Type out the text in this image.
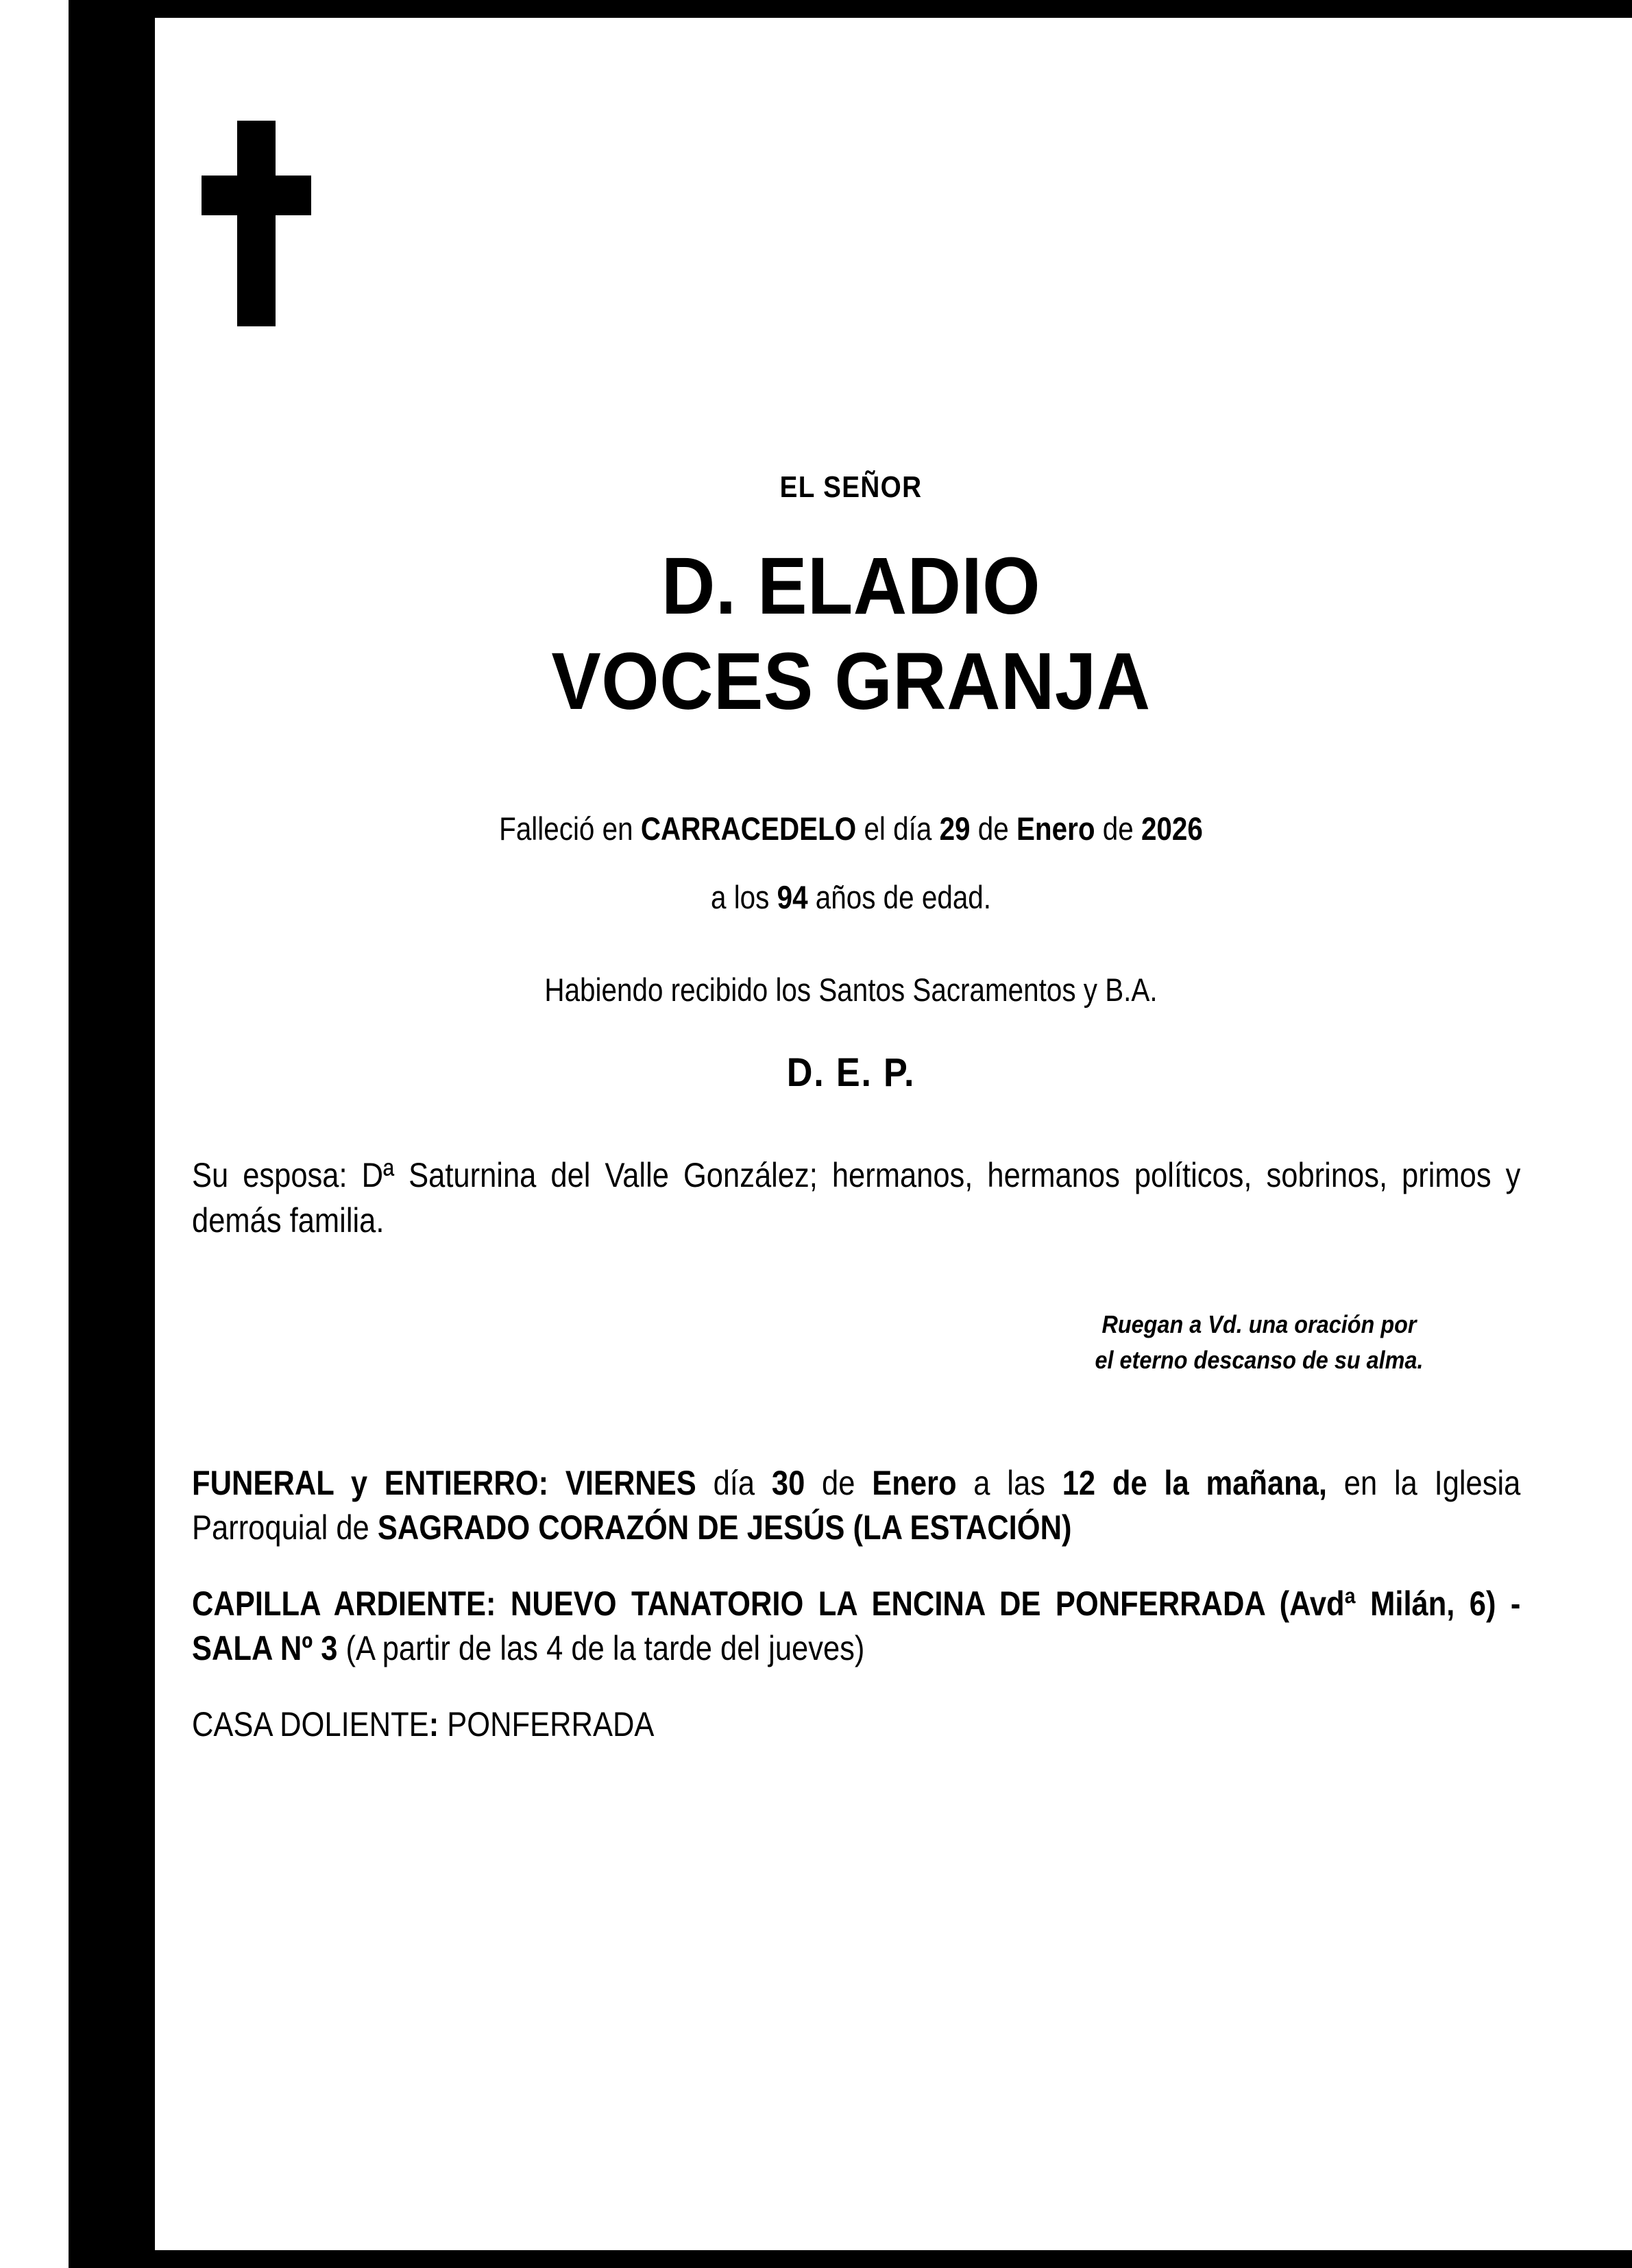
EL SEÑOR
D. ELADIO
VOCES GRANJA
Falleció en CARRACEDELO el día 29 de Enero de 2026
a los 94 años de edad.
Habiendo recibido los Santos Sacramentos y B.A.
D. E. P.
Su esposa: Dª Saturnina del Valle González; hermanos, hermanos políticos, sobrinos, primos y demás familia.
Ruegan a Vd. una oración por
el eterno descanso de su alma.

FUNERAL y ENTIERRO: VIERNES día 30 de Enero a las 12 de la mañana, en la Iglesia Parroquial de SAGRADO CORAZÓN DE JESÚS (LA ESTACIÓN)

CAPILLA ARDIENTE: NUEVO TANATORIO LA ENCINA DE PONFERRADA (Avdª Milán, 6) - SALA Nº 3 (A partir de las 4 de la tarde del jueves)

CASA DOLIENTE: PONFERRADA
